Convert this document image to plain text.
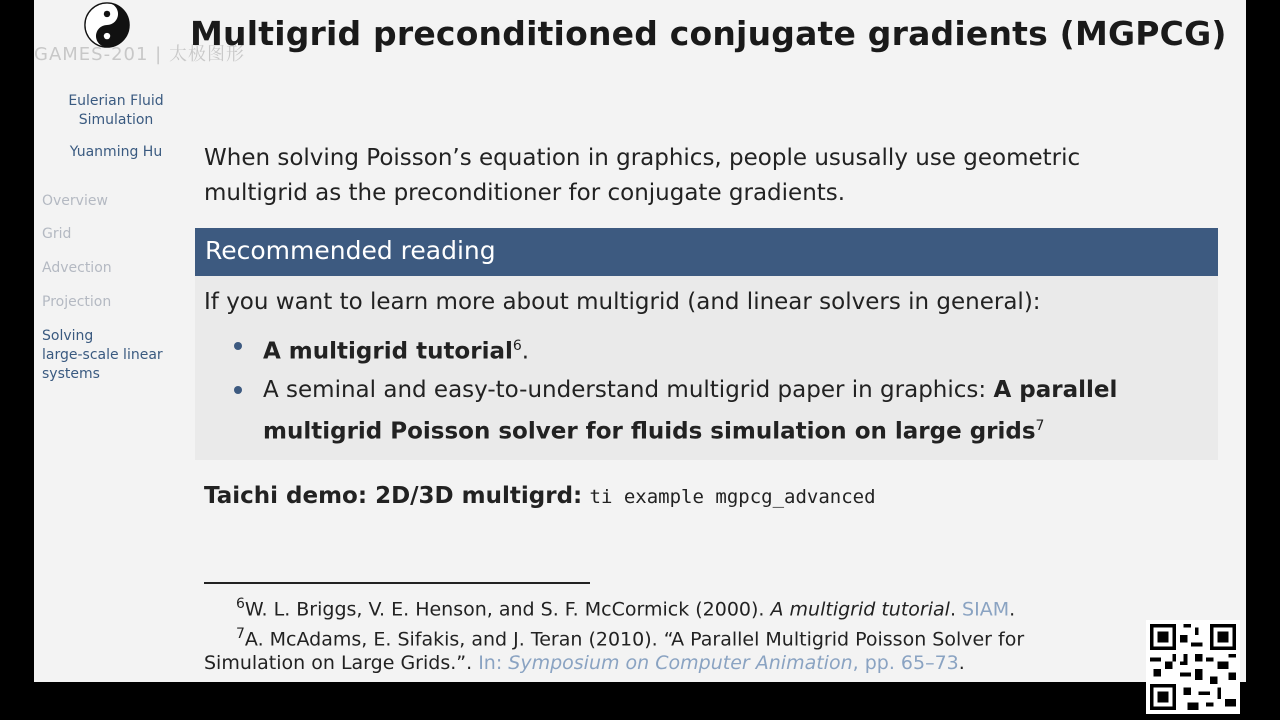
GAMES-201 | 太极图形
Eulerian Fluid
Simulation
Yuanming Hu
Overview
Grid
Advection
Projection
Solving
large-scale linear
systems
Multigrid preconditioned conjugate gradients (MGPCG)
When solving Poisson’s equation in graphics, people ususally use geometric
multigrid as the preconditioner for conjugate gradients.
Recommended reading
If you want to learn more about multigrid (and linear solvers in general):
A multigrid tutorial$^6$.
A seminal and easy-to-understand multigrid paper in graphics: A parallel
multigrid Poisson solver for fluids simulation on large grids$^7$
Taichi demo: 2D/3D multigrd: ti example mgpcg_advanced
$^6$W. L. Briggs, V. E. Henson, and S. F. McCormick (2000). A multigrid tutorial. SIAM.
$^7$A. McAdams, E. Sifakis, and J. Teran (2010). “A Parallel Multigrid Poisson Solver for
Simulation on Large Grids.”. In: Symposium on Computer Animation, pp. 65–73.
